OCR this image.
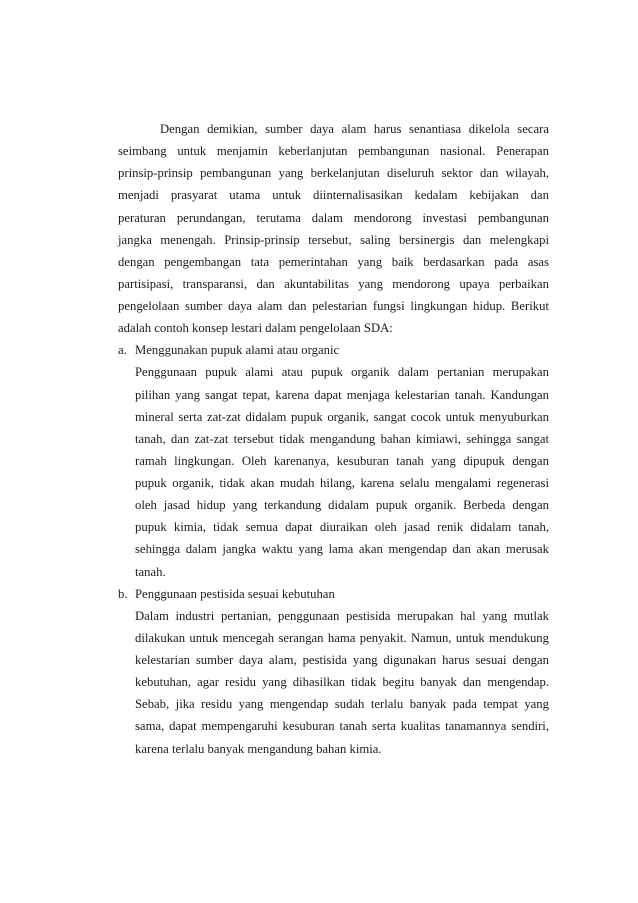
Dengan demikian, sumber daya alam harus senantiasa dikelola secara
seimbang untuk menjamin keberlanjutan pembangunan nasional. Penerapan
prinsip-prinsip pembangunan yang berkelanjutan diseluruh sektor dan wilayah,
menjadi prasyarat utama untuk diinternalisasikan kedalam kebijakan dan
peraturan perundangan, terutama dalam mendorong investasi pembangunan
jangka menengah. Prinsip-prinsip tersebut, saling bersinergis dan melengkapi
dengan pengembangan tata pemerintahan yang baik berdasarkan pada asas
partisipasi, transparansi, dan akuntabilitas yang mendorong upaya perbaikan
pengelolaan sumber daya alam dan pelestarian fungsi lingkungan hidup. Berikut
adalah contoh konsep lestari dalam pengelolaan SDA:
a. Menggunakan pupuk alami atau organic
Penggunaan pupuk alami atau pupuk organik dalam pertanian merupakan
pilihan yang sangat tepat, karena dapat menjaga kelestarian tanah. Kandungan
mineral serta zat-zat didalam pupuk organik, sangat cocok untuk menyuburkan
tanah, dan zat-zat tersebut tidak mengandung bahan kimiawi, sehingga sangat
ramah lingkungan. Oleh karenanya, kesuburan tanah yang dipupuk dengan
pupuk organik, tidak akan mudah hilang, karena selalu mengalami regenerasi
oleh jasad hidup yang terkandung didalam pupuk organik. Berbeda dengan
pupuk kimia, tidak semua dapat diuraikan oleh jasad renik didalam tanah,
sehingga dalam jangka waktu yang lama akan mengendap dan akan merusak
tanah.
b. Penggunaan pestisida sesuai kebutuhan
Dalam industri pertanian, penggunaan pestisida merupakan hal yang mutlak
dilakukan untuk mencegah serangan hama penyakit. Namun, untuk mendukung
kelestarian sumber daya alam, pestisida yang digunakan harus sesuai dengan
kebutuhan, agar residu yang dihasilkan tidak begitu banyak dan mengendap.
Sebab, jika residu yang mengendap sudah terlalu banyak pada tempat yang
sama, dapat mempengaruhi kesuburan tanah serta kualitas tanamannya sendiri,
karena terlalu banyak mengandung bahan kimia.
